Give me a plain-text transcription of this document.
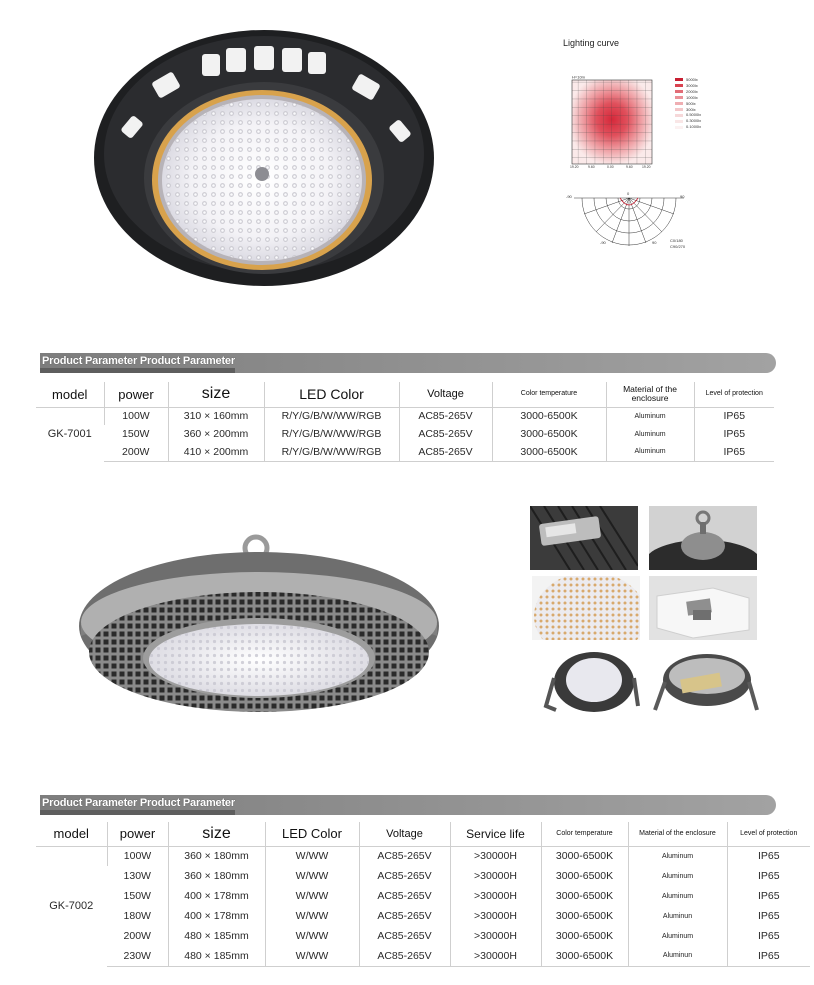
Lighting curve
H=10m
19.20	9.60	0.00	9.60	19.20
5000lx
3000lx
2000lx
1000lx
500lx
300lx
0.5000lx
0.3000lx
0.1000lx
-90	90
0
-90	90	C0/180
C90/270
Product Parameter Product Parameter
model	power	size	LED Color	Voltage	Color temperature	Material of the enclosure	Level of protection
GK-7001	100W	310 × 160mm	R/Y/G/B/W/WW/RGB	AC85-265V	3000-6500K	Aluminum	IP65
	150W	360 × 200mm	R/Y/G/B/W/WW/RGB	AC85-265V	3000-6500K	Aluminum	IP65
	200W	410 × 200mm	R/Y/G/B/W/WW/RGB	AC85-265V	3000-6500K	Aluminum	IP65
Product Parameter Product Parameter
model	power	size	LED Color	Voltage	Service life	Color temperature	Material of the enclosure	Level of protection
GK-7002	100W	360 × 180mm	W/WW	AC85-265V	>30000H	3000-6500K	Aluminum	IP65
	130W	360 × 180mm	W/WW	AC85-265V	>30000H	3000-6500K	Aluminum	IP65
	150W	400 × 178mm	W/WW	AC85-265V	>30000H	3000-6500K	Aluminum	IP65
	180W	400 × 178mm	W/WW	AC85-265V	>30000H	3000-6500K	Aluminun	IP65
	200W	480 × 185mm	W/WW	AC85-265V	>30000H	3000-6500K	Aluminum	IP65
	230W	480 × 185mm	W/WW	AC85-265V	>30000H	3000-6500K	Aluminun	IP65
